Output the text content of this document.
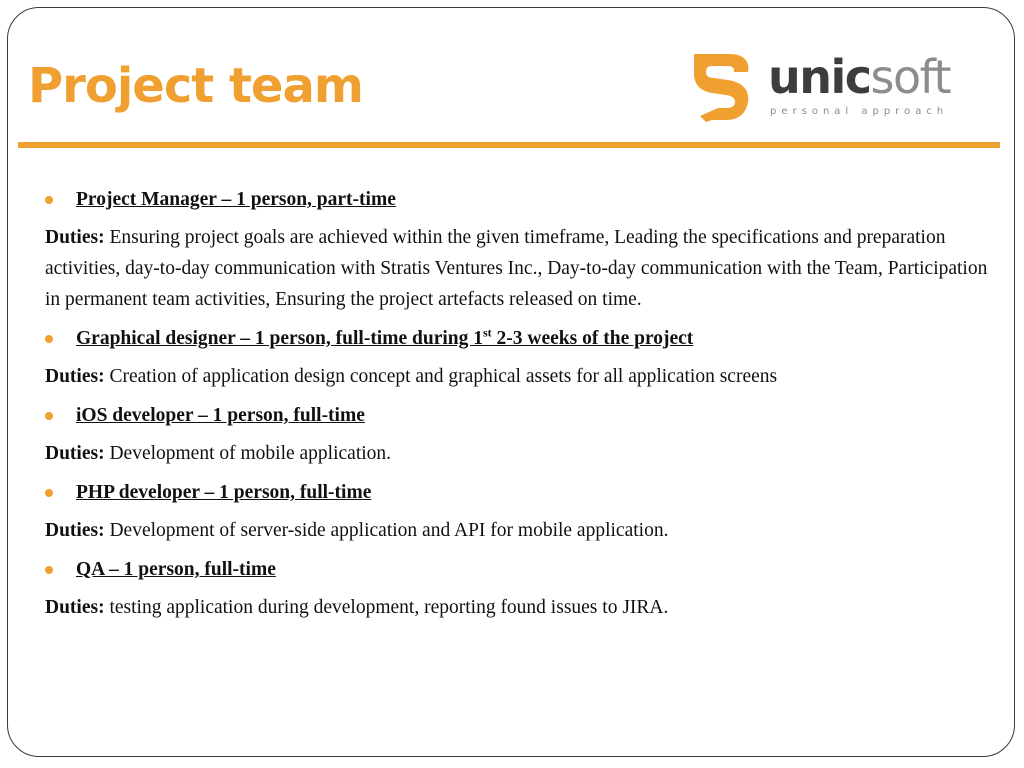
Project team	unicsoft
personal approach
Project Manager – 1 person, part-time
Duties: Ensuring project goals are achieved within the given timeframe, Leading the specifications and preparation activities, day-to-day communication with Stratis Ventures Inc., Day-to-day communication with the Team, Participation in permanent team activities, Ensuring the project artefacts released on time.
Graphical designer – 1 person, full-time during 1st 2-3 weeks of the project
Duties: Creation of application design concept and graphical assets for all application screens
iOS developer – 1 person, full-time
Duties: Development of mobile application.
PHP developer – 1 person, full-time
Duties: Development of server-side application and API for mobile application.
QA – 1 person, full-time
Duties: testing application during development, reporting found issues to JIRA.
